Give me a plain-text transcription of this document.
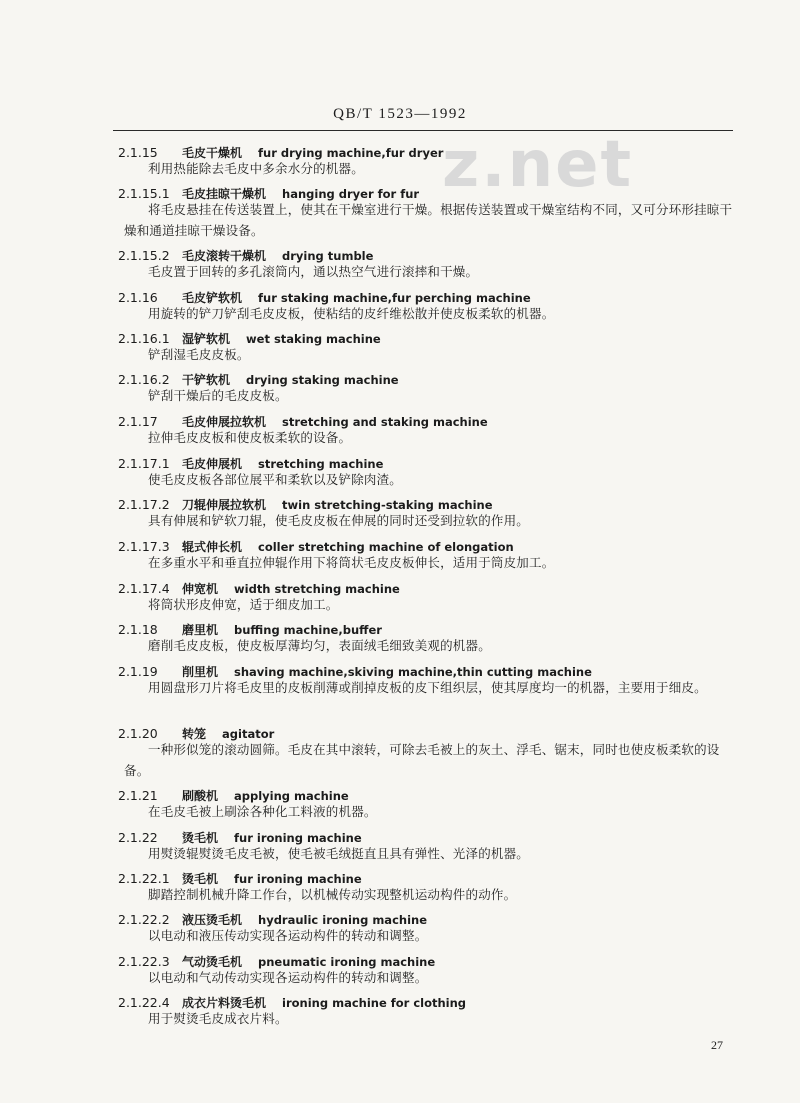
QB/T 1523—1992
z.net
2.1.15 毛皮干燥机 fur drying machine,fur dryer
利用热能除去毛皮中多余水分的机器。
2.1.15.1 毛皮挂晾干燥机 hanging dryer for fur
将毛皮悬挂在传送装置上，使其在干燥室进行干燥。根据传送装置或干燥室结构不同，又可分环形挂晾干燥和通道挂晾干燥设备。
2.1.15.2 毛皮滚转干燥机 drying tumble
毛皮置于回转的多孔滚筒内，通以热空气进行滚摔和干燥。
2.1.16 毛皮铲软机 fur staking machine,fur perching machine
用旋转的铲刀铲刮毛皮皮板，使粘结的皮纤维松散并使皮板柔软的机器。
2.1.16.1 湿铲软机 wet staking machine
铲刮湿毛皮皮板。
2.1.16.2 干铲软机 drying staking machine
铲刮干燥后的毛皮皮板。
2.1.17 毛皮伸展拉软机 stretching and staking machine
拉伸毛皮皮板和使皮板柔软的设备。
2.1.17.1 毛皮伸展机 stretching machine
使毛皮皮板各部位展平和柔软以及铲除肉渣。
2.1.17.2 刀辊伸展拉软机 twin stretching-staking machine
具有伸展和铲软刀辊，使毛皮皮板在伸展的同时还受到拉软的作用。
2.1.17.3 辊式伸长机 coller stretching machine of elongation
在多重水平和垂直拉伸辊作用下将筒状毛皮皮板伸长，适用于筒皮加工。
2.1.17.4 伸宽机 width stretching machine
将筒状形皮伸宽，适于细皮加工。
2.1.18 磨里机 buffing machine,buffer
磨削毛皮皮板，使皮板厚薄均匀，表面绒毛细致美观的机器。
2.1.19 削里机 shaving machine,skiving machine,thin cutting machine
用圆盘形刀片将毛皮里的皮板削薄或削掉皮板的皮下组织层，使其厚度均一的机器，主要用于细皮。
2.1.20 转笼 agitator
一种形似笼的滚动圆筛。毛皮在其中滚转，可除去毛被上的灰土、浮毛、锯末，同时也使皮板柔软的设备。
2.1.21 刷酸机 applying machine
在毛皮毛被上刷涂各种化工料液的机器。
2.1.22 烫毛机 fur ironing machine
用熨烫辊熨烫毛皮毛被，使毛被毛绒挺直且具有弹性、光泽的机器。
2.1.22.1 烫毛机 fur ironing machine
脚踏控制机械升降工作台，以机械传动实现整机运动构件的动作。
2.1.22.2 液压烫毛机 hydraulic ironing machine
以电动和液压传动实现各运动构件的转动和调整。
2.1.22.3 气动烫毛机 pneumatic ironing machine
以电动和气动传动实现各运动构件的转动和调整。
2.1.22.4 成衣片料烫毛机 ironing machine for clothing
用于熨烫毛皮成衣片料。
27
